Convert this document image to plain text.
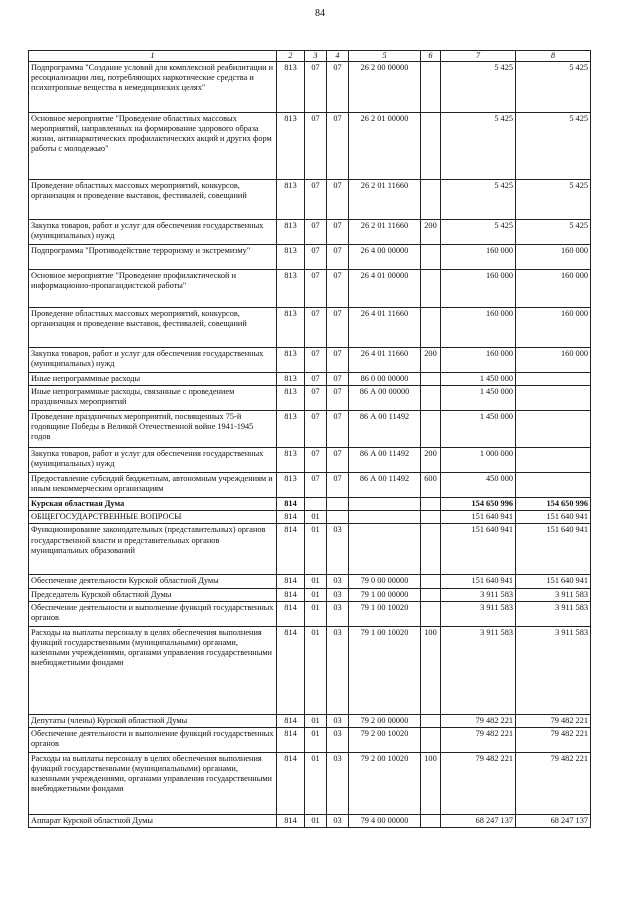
84
1	2	3	4	5	6	7	8
Подпрограмма "Создание условий для комплексной реабилитации и ресоциализации лиц, потребляющих наркотические средства и психотропные вещества в немедицинских целях"	813	07	07	26 2 00 00000		5 425	5 425
Основное мероприятие "Проведение областных массовых мероприятий, направленных на формирование здорового образа жизни, антинаркотических профилактических акций и других форм работы с молодежью"	813	07	07	26 2 01 00000		5 425	5 425
Проведение областных массовых мероприятий, конкурсов, организация и проведение выставок, фестивалей, совещаний	813	07	07	26 2 01 11660		5 425	5 425
Закупка товаров, работ и услуг для обеспечения государственных (муниципальных) нужд	813	07	07	26 2 01 11660	200	5 425	5 425
Подпрограмма "Противодействие терроризму и экстремизму"	813	07	07	26 4 00 00000		160 000	160 000
Основное мероприятие "Проведение профилактической и информационно-пропагандистской работы"	813	07	07	26 4 01 00000		160 000	160 000
Проведение областных массовых мероприятий, конкурсов, организация и проведение выставок, фестивалей, совещаний	813	07	07	26 4 01 11660		160 000	160 000
Закупка товаров, работ и услуг для обеспечения государственных (муниципальных) нужд	813	07	07	26 4 01 11660	200	160 000	160 000
Иные непрограммные расходы	813	07	07	86 0 00 00000		1 450 000	
Иные непрограммные расходы, связанные с проведением праздничных мероприятий	813	07	07	86 А 00 00000		1 450 000	
Проведение праздничных мероприятий, посвященных 75-й годовщине Победы в Великой Отечественной войне 1941-1945 годов	813	07	07	86 А 00 11492		1 450 000	
Закупка товаров, работ и услуг для обеспечения государственных (муниципальных) нужд	813	07	07	86 А 00 11492	200	1 000 000	
Предоставление субсидий бюджетным, автономным учреждениям и иным некоммерческим организациям	813	07	07	86 А 00 11492	600	450 000	
Курская областная Дума	814					154 650 996	154 650 996
ОБЩЕГОСУДАРСТВЕННЫЕ ВОПРОСЫ	814	01				151 640 941	151 640 941
Функционирование законодательных (представительных) органов государственной власти и представительных органов муниципальных образований	814	01	03			151 640 941	151 640 941
Обеспечение деятельности Курской областной Думы	814	01	03	79 0 00 00000		151 640 941	151 640 941
Председатель Курской областной Думы	814	01	03	79 1 00 00000		3 911 583	3 911 583
Обеспечение деятельности и выполнение функций государственных органов	814	01	03	79 1 00 10020		3 911 583	3 911 583
Расходы на выплаты персоналу в целях обеспечения выполнения функций государственными (муниципальными) органами, казенными учреждениями, органами управления государственными внебюджетными фондами	814	01	03	79 1 00 10020	100	3 911 583	3 911 583
Депутаты (члены) Курской областной Думы	814	01	03	79 2 00 00000		79 482 221	79 482 221
Обеспечение деятельности и выполнение функций государственных органов	814	01	03	79 2 00 10020		79 482 221	79 482 221
Расходы на выплаты персоналу в целях обеспечения выполнения функций государственными (муниципальными) органами, казенными учреждениями, органами управления государственными внебюджетными фондами	814	01	03	79 2 00 10020	100	79 482 221	79 482 221
Аппарат Курской областной Думы	814	01	03	79 4 00 00000		68 247 137	68 247 137
